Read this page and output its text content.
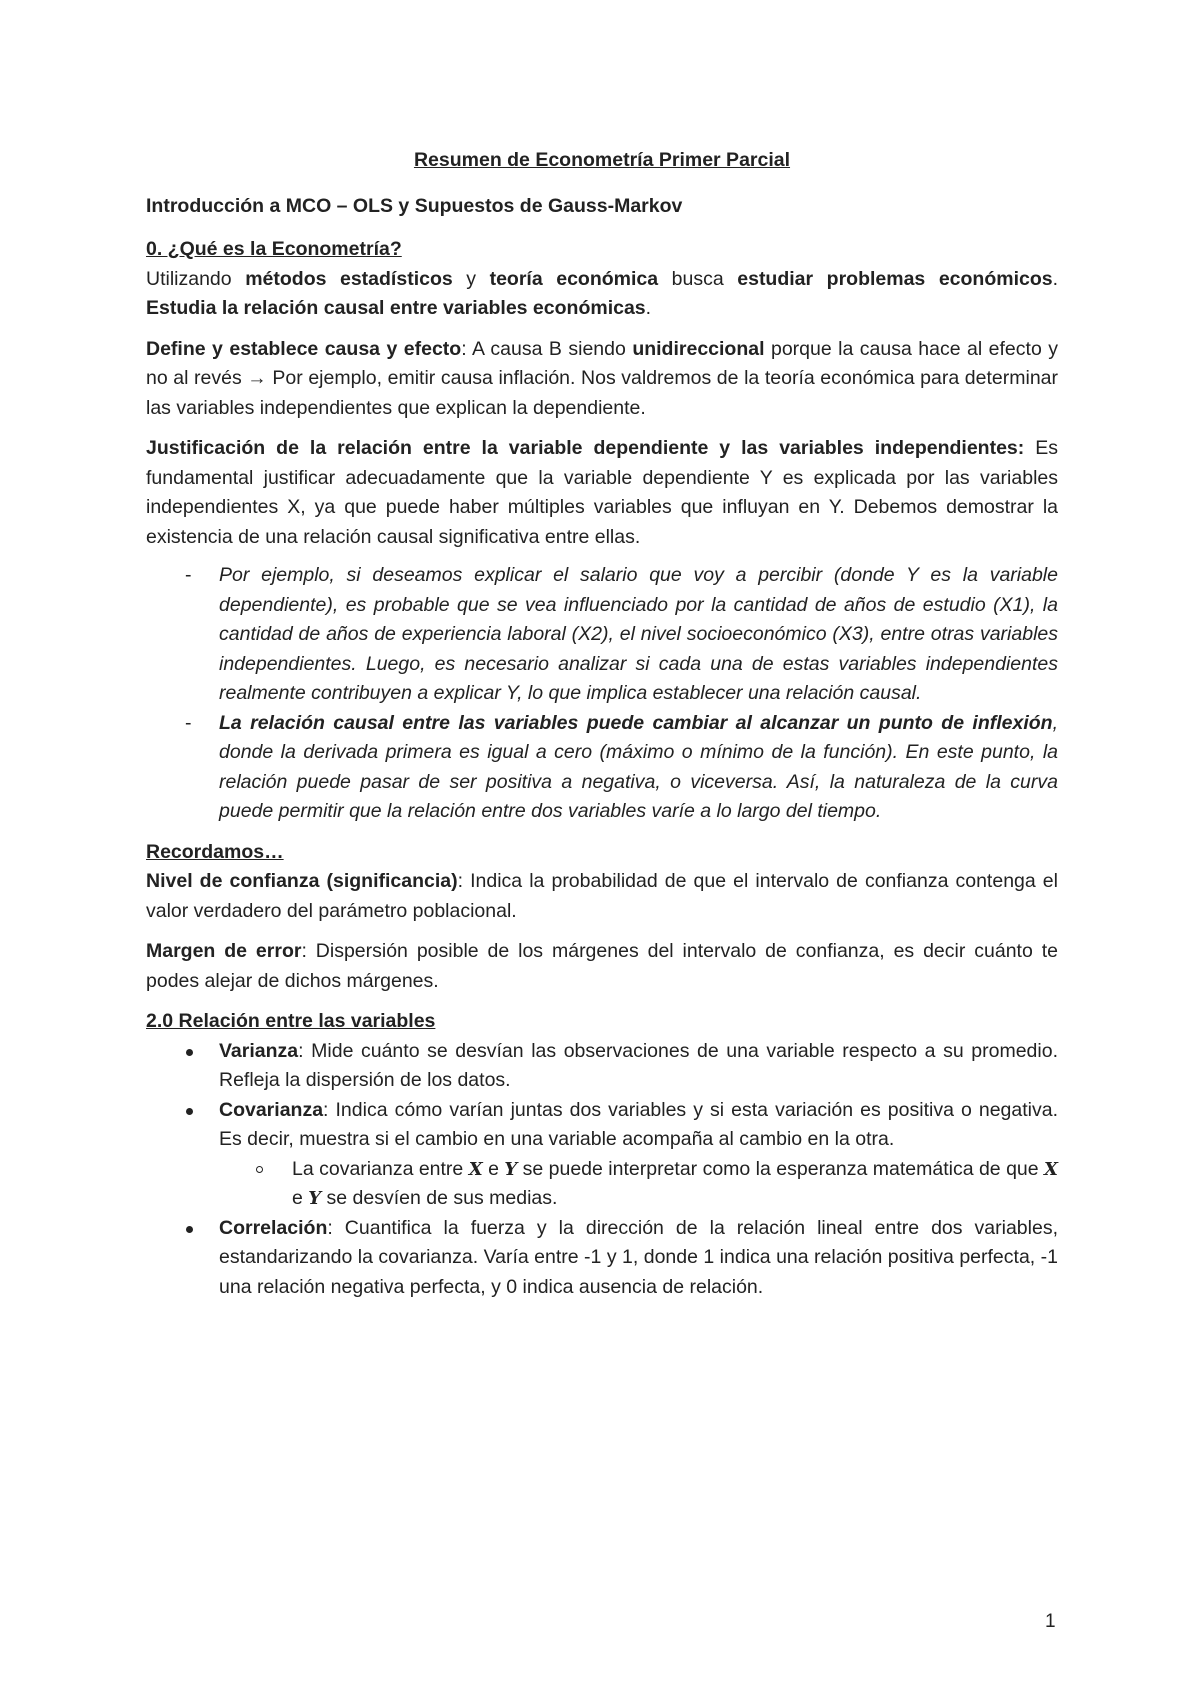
Resumen de Econometría Primer Parcial

Introducción a MCO – OLS y Supuestos de Gauss-Markov

0. ¿Qué es la Econometría?

Utilizando métodos estadísticos y teoría económica busca estudiar problemas económicos. Estudia la relación causal entre variables económicas.

Define y establece causa y efecto: A causa B siendo unidireccional porque la causa hace al efecto y no al revés → Por ejemplo, emitir causa inflación. Nos valdremos de la teoría económica para determinar las variables independientes que explican la dependiente.

Justificación de la relación entre la variable dependiente y las variables independientes: Es fundamental justificar adecuadamente que la variable dependiente Y es explicada por las variables independientes X, ya que puede haber múltiples variables que influyan en Y. Debemos demostrar la existencia de una relación causal significativa entre ellas.

- Por ejemplo, si deseamos explicar el salario que voy a percibir (donde Y es la variable dependiente), es probable que se vea influenciado por la cantidad de años de estudio (X1), la cantidad de años de experiencia laboral (X2), el nivel socioeconómico (X3), entre otras variables independientes. Luego, es necesario analizar si cada una de estas variables independientes realmente contribuyen a explicar Y, lo que implica establecer una relación causal.
- La relación causal entre las variables puede cambiar al alcanzar un punto de inflexión, donde la derivada primera es igual a cero (máximo o mínimo de la función). En este punto, la relación puede pasar de ser positiva a negativa, o viceversa. Así, la naturaleza de la curva puede permitir que la relación entre dos variables varíe a lo largo del tiempo.

Recordamos…

Nivel de confianza (significancia): Indica la probabilidad de que el intervalo de confianza contenga el valor verdadero del parámetro poblacional.

Margen de error: Dispersión posible de los márgenes del intervalo de confianza, es decir cuánto te podes alejar de dichos márgenes.

2.0 Relación entre las variables

Varianza: Mide cuánto se desvían las observaciones de una variable respecto a su promedio. Refleja la dispersión de los datos.
Covarianza: Indica cómo varían juntas dos variables y si esta variación es positiva o negativa. Es decir, muestra si el cambio en una variable acompaña al cambio en la otra.
La covarianza entre X e Y se puede interpretar como la esperanza matemática de que X e Y se desvíen de sus medias.
Correlación: Cuantifica la fuerza y la dirección de la relación lineal entre dos variables, estandarizando la covarianza. Varía entre -1 y 1, donde 1 indica una relación positiva perfecta, -1 una relación negativa perfecta, y 0 indica ausencia de relación.
1
